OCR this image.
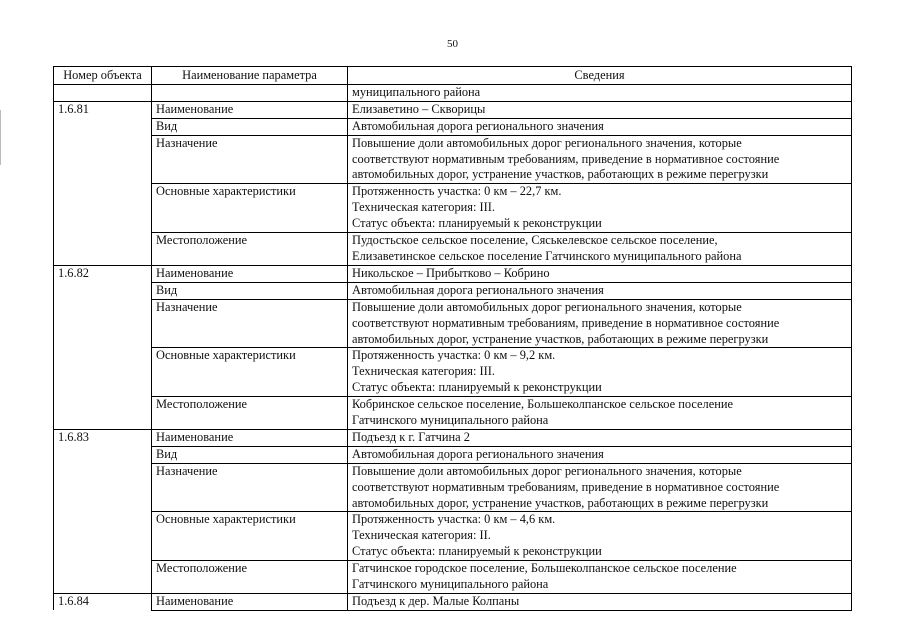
50
Номер объекта	Наименование параметра	Сведения
		муниципального района
1.6.81	Наименование	Елизаветино – Скворицы

	Вид	Автомобильная дорога регионального значения

	Назначение	Повышение доли автомобильных дорог регионального значения, которые
соответствуют нормативным требованиям, приведение в нормативное состояние
автомобильных дорог, устранение участков, работающих в режиме перегрузки

	Основные характеристики	Протяженность участка: 0 км – 22,7 км.
Техническая категория: III.
Статус объекта: планируемый к реконструкции

	Местоположение	Пудостьское сельское поселение, Сяськелевское сельское поселение,
Елизаветинское сельское поселение Гатчинского муниципального района

1.6.82	Наименование	Никольское – Прибытково – Кобрино

	Вид	Автомобильная дорога регионального значения

	Назначение	Повышение доли автомобильных дорог регионального значения, которые
соответствуют нормативным требованиям, приведение в нормативное состояние
автомобильных дорог, устранение участков, работающих в режиме перегрузки

	Основные характеристики	Протяженность участка: 0 км – 9,2 км.
Техническая категория: III.
Статус объекта: планируемый к реконструкции

	Местоположение	Кобринское сельское поселение, Большеколпанское сельское поселение
Гатчинского муниципального района

1.6.83	Наименование	Подъезд к г. Гатчина 2

	Вид	Автомобильная дорога регионального значения

	Назначение	Повышение доли автомобильных дорог регионального значения, которые
соответствуют нормативным требованиям, приведение в нормативное состояние
автомобильных дорог, устранение участков, работающих в режиме перегрузки

	Основные характеристики	Протяженность участка: 0 км – 4,6 км.
Техническая категория: II.
Статус объекта: планируемый к реконструкции

	Местоположение	Гатчинское городское поселение, Большеколпанское сельское поселение
Гатчинского муниципального района

1.6.84	Наименование	Подъезд к дер. Малые Колпаны
